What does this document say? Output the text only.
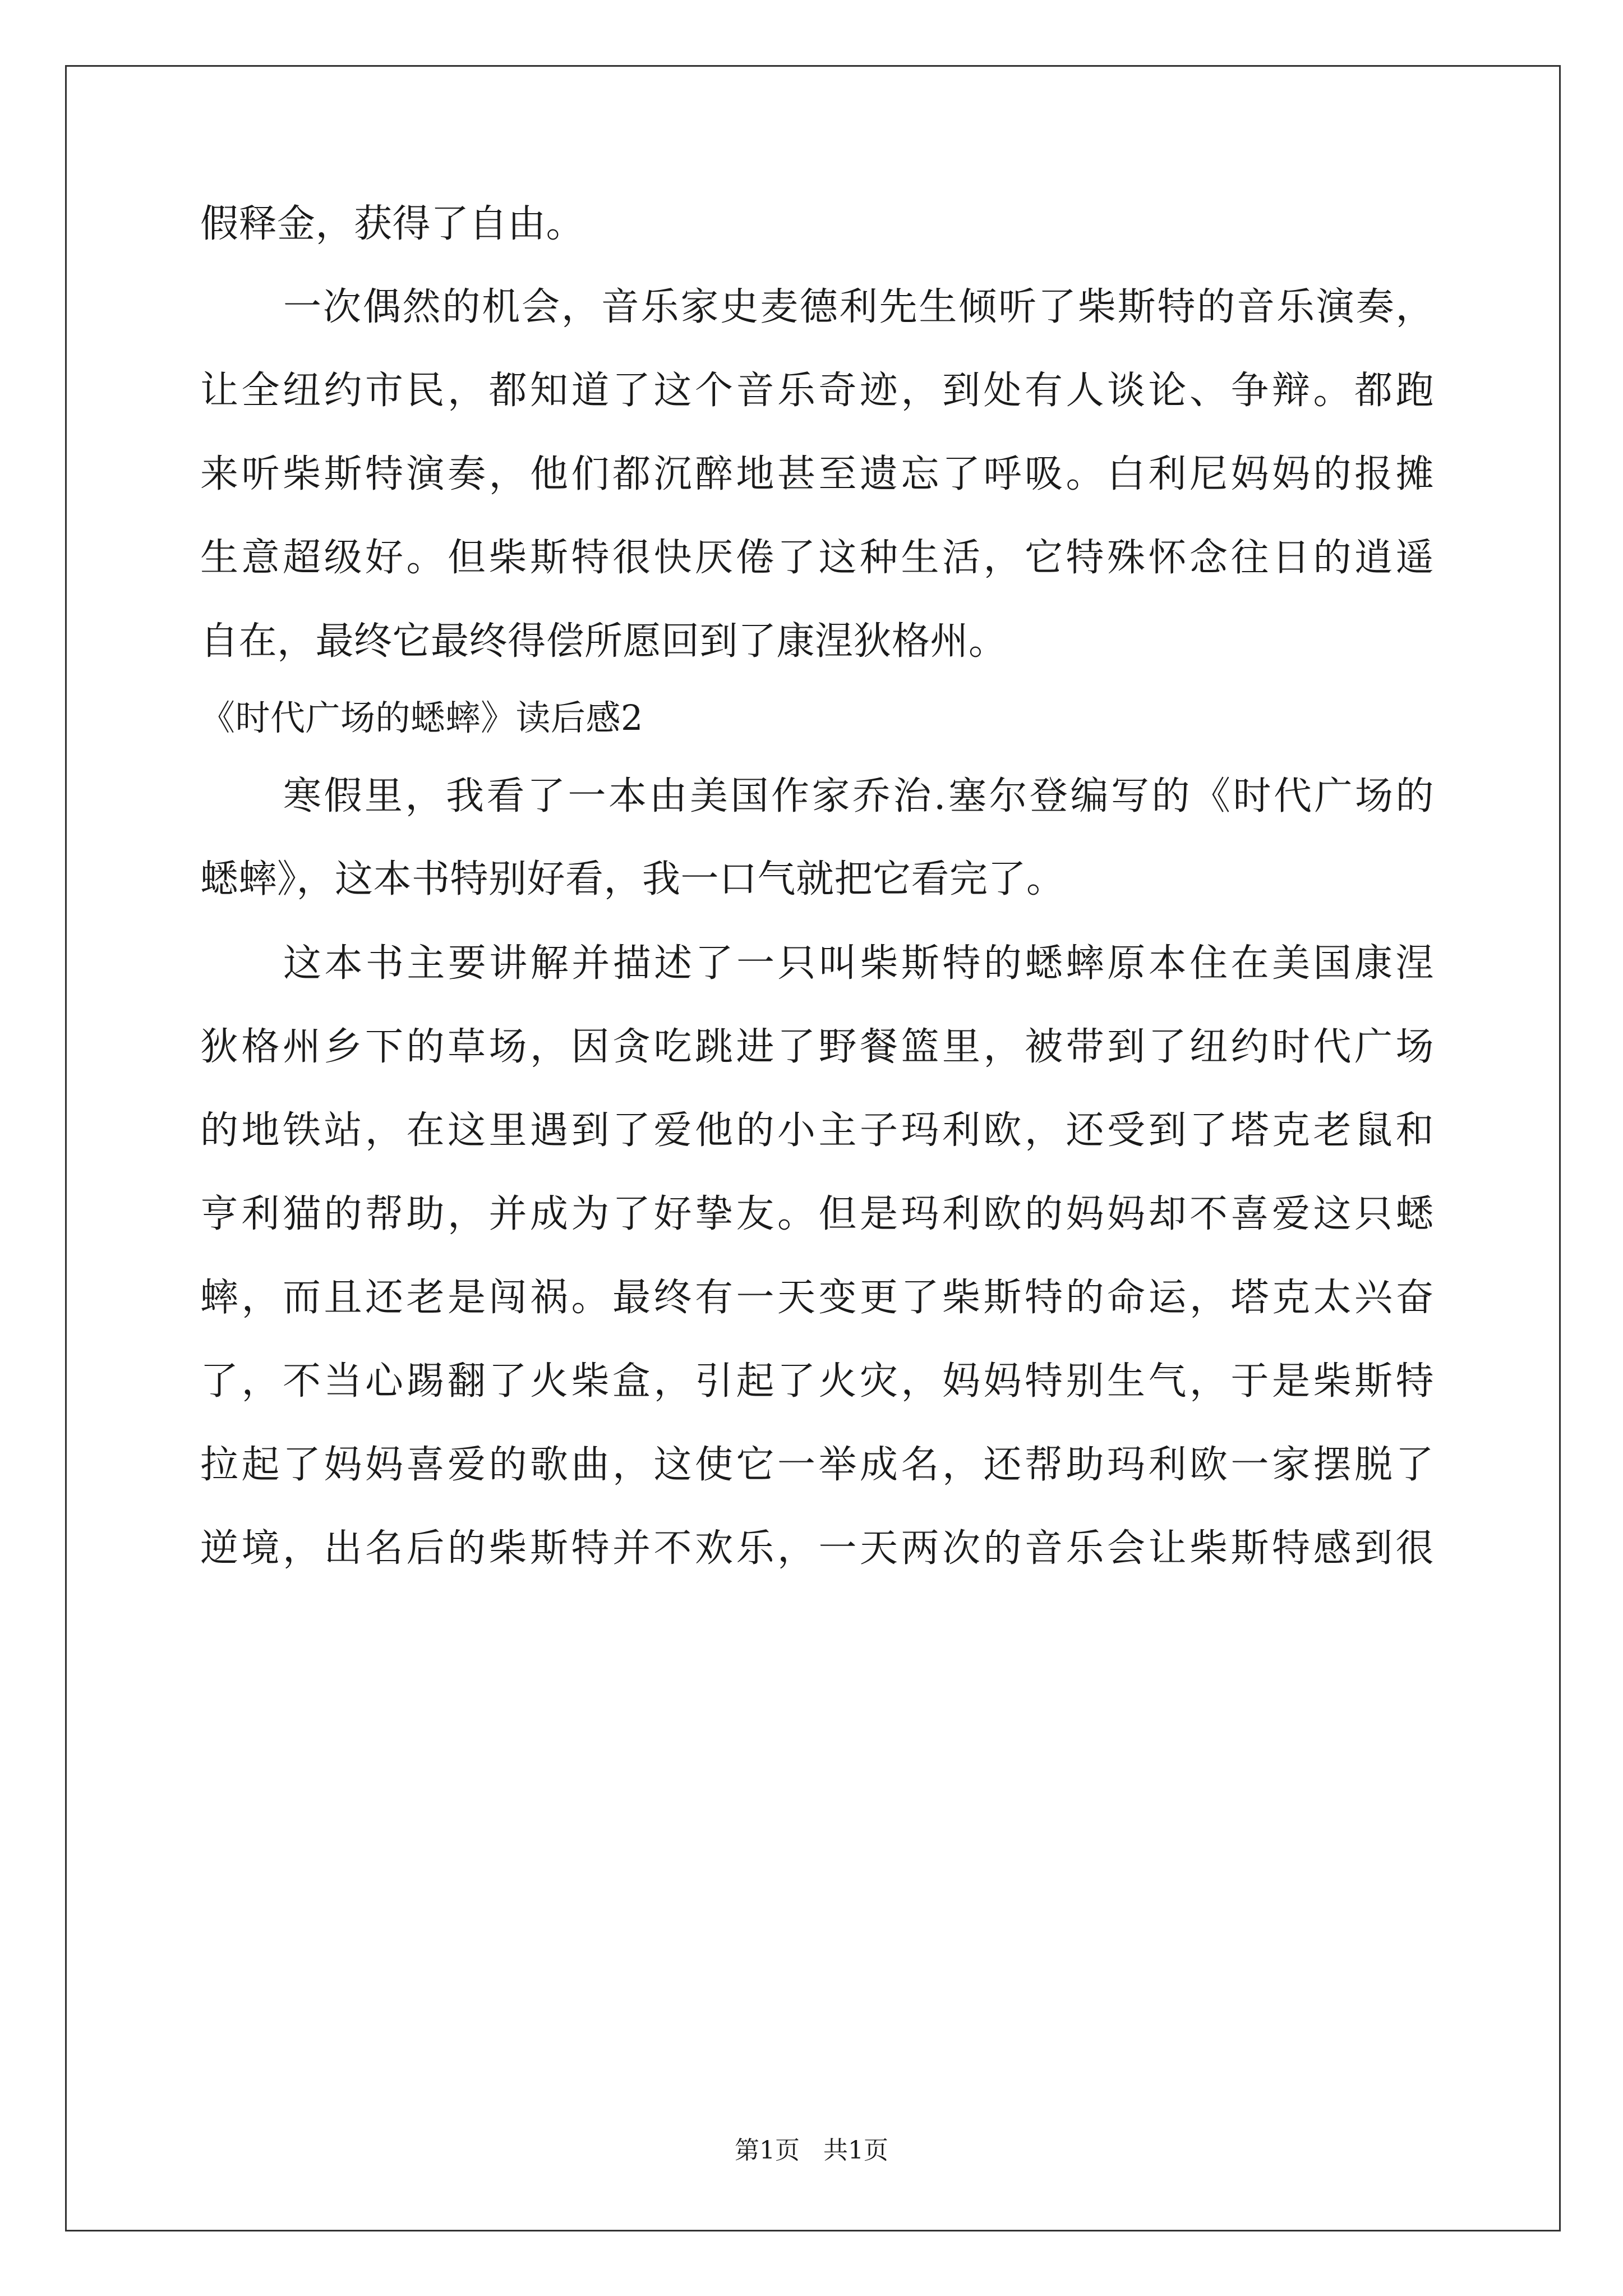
假释金，获得了自由。
一次偶然的机会，音乐家史麦德利先生倾听了柴斯特的音乐演奏，
让全纽约市民，都知道了这个音乐奇迹，到处有人谈论、争辩。都跑
来听柴斯特演奏，他们都沉醉地甚至遗忘了呼吸。白利尼妈妈的报摊
生意超级好。但柴斯特很快厌倦了这种生活，它特殊怀念往日的逍遥
自在，最终它最终得偿所愿回到了康涅狄格州。
《时代广场的蟋蟀》读后感2
寒假里，我看了一本由美国作家乔治.塞尔登编写的《时代广场的
蟋蟀》，这本书特别好看，我一口气就把它看完了。
这本书主要讲解并描述了一只叫柴斯特的蟋蟀原本住在美国康涅
狄格州乡下的草场，因贪吃跳进了野餐篮里，被带到了纽约时代广场
的地铁站，在这里遇到了爱他的小主子玛利欧，还受到了塔克老鼠和
亨利猫的帮助，并成为了好挚友。但是玛利欧的妈妈却不喜爱这只蟋
蟀，而且还老是闯祸。最终有一天变更了柴斯特的命运，塔克太兴奋
了，不当心踢翻了火柴盒，引起了火灾，妈妈特别生气，于是柴斯特
拉起了妈妈喜爱的歌曲，这使它一举成名，还帮助玛利欧一家摆脱了
逆境，出名后的柴斯特并不欢乐，一天两次的音乐会让柴斯特感到很
第1页   共1页
